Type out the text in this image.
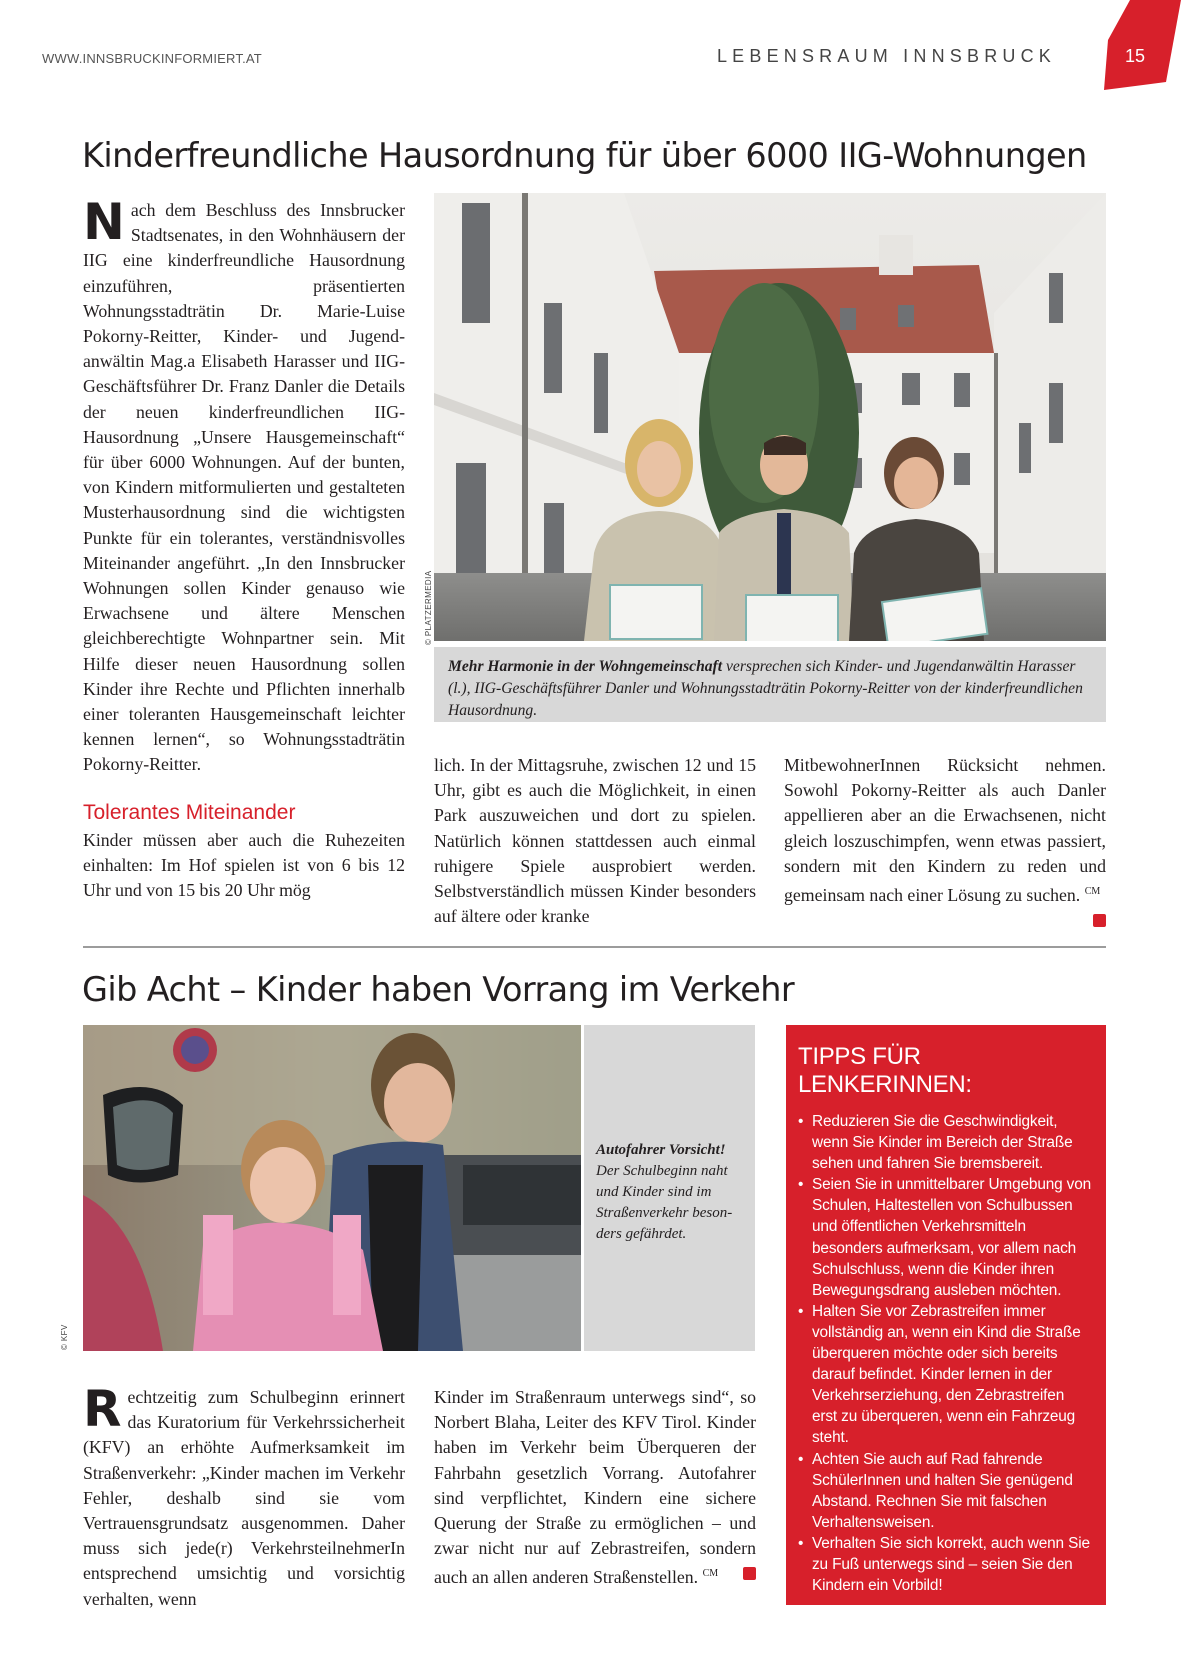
WWW.INNSBRUCKINFORMIERT.AT	LEBENSRAUM INNSBRUCK	15
Kinderfreundliche Hausordnung für über 6000 IIG-Wohnungen
N ach dem Beschluss des Innsbrucker Stadtsenates, in den Wohnhäusern der IIG eine kinderfreundliche Hausordnung einzuführen, präsentierten Wohnungsstadträtin Dr. Marie-Luise Pokorny-Reitter, Kinder- und Jugendanwältin Mag.a Elisabeth Harasser und IIG-Geschäftsführer Dr. Franz Danler die Details der neuen kinderfreundlichen IIG-Hausordnung „Unsere Hausgemeinschaft“ für über 6000 Wohnungen. Auf der bunten, von Kindern mitformulierten und gestalteten Musterhausordnung sind die wichtigsten Punkte für ein tolerantes, verständnisvolles Miteinander angeführt. „In den Innsbrucker Wohnungen sollen Kinder genauso wie Erwachsene und ältere Menschen gleichberechtigte Wohnpartner sein. Mit Hilfe dieser neuen Hausordnung sollen Kinder ihre Rechte und Pflichten innerhalb einer toleranten Hausgemeinschaft leichter kennen lernen“, so Wohnungsstadträtin Pokorny-Reitter.
Tolerantes Miteinander
Kinder müssen aber auch die Ruhezeiten einhalten: Im Hof spielen ist von 6 bis 12 Uhr und von 15 bis 20 Uhr mög
© PLATZERMEDIA
Mehr Harmonie in der Wohngemeinschaft versprechen sich Kinder- und Jugendanwältin Harasser (l.), IIG-Geschäftsführer Danler und Wohnungsstadträtin Pokorny-Reitter von der kinderfreundlichen Hausordnung.
lich. In der Mittagsruhe, zwischen 12 und 15 Uhr, gibt es auch die Möglichkeit, in einen Park auszuweichen und dort zu spielen. Natürlich können stattdessen auch einmal ruhigere Spiele ausprobiert werden. Selbstverständlich müssen Kinder besonders auf ältere oder kranke
MitbewohnerInnen Rücksicht nehmen. Sowohl Pokorny-Reitter als auch Danler appellieren aber an die Erwachsenen, nicht gleich loszuschimpfen, wenn etwas passiert, sondern mit den Kindern zu reden und gemeinsam nach einer Lösung zu suchen. $^{CM}$
Gib Acht – Kinder haben Vorrang im Verkehr
© KFV
Autofahrer Vorsicht!
Der Schulbeginn naht und Kinder sind im Straßenverkehr besonders gefährdet.
R echtzeitig zum Schulbeginn erinnert das Kuratorium für Verkehrssicherheit (KFV) an erhöhte Aufmerksamkeit im Straßenverkehr: „Kinder machen im Verkehr Fehler, deshalb sind sie vom Vertrauensgrundsatz ausgenommen. Daher muss sich jede(r) VerkehrsteilnehmerIn entsprechend umsichtig und vorsichtig verhalten, wenn
Kinder im Straßenraum unterwegs sind“, so Norbert Blaha, Leiter des KFV Tirol. Kinder haben im Verkehr beim Überqueren der Fahrbahn gesetzlich Vorrang. Autofahrer sind verpflichtet, Kindern eine sichere Querung der Straße zu ermöglichen – und zwar nicht nur auf Zebrastreifen, sondern auch an allen anderen Straßenstellen. $^{CM}$
TIPPS FÜR LENKERINNEN:
• Reduzieren Sie die Geschwindigkeit, wenn Sie Kinder im Bereich der Straße sehen und fahren Sie bremsbereit.
• Seien Sie in unmittelbarer Umgebung von Schulen, Haltestellen von Schulbussen und öffentlichen Verkehrsmitteln besonders aufmerksam, vor allem nach Schulschluss, wenn die Kinder ihren Bewegungsdrang ausleben möchten.
• Halten Sie vor Zebrastreifen immer vollständig an, wenn ein Kind die Straße überqueren möchte oder sich bereits darauf befindet. Kinder lernen in der Verkehrserziehung, den Zebrastreifen erst zu überqueren, wenn ein Fahrzeug steht.
• Achten Sie auch auf Rad fahrende SchülerInnen und halten Sie genügend Abstand. Rechnen Sie mit falschen Verhaltensweisen.
• Verhalten Sie sich korrekt, auch wenn Sie zu Fuß unterwegs sind – seien Sie den Kindern ein Vorbild!
www.kfv.at
